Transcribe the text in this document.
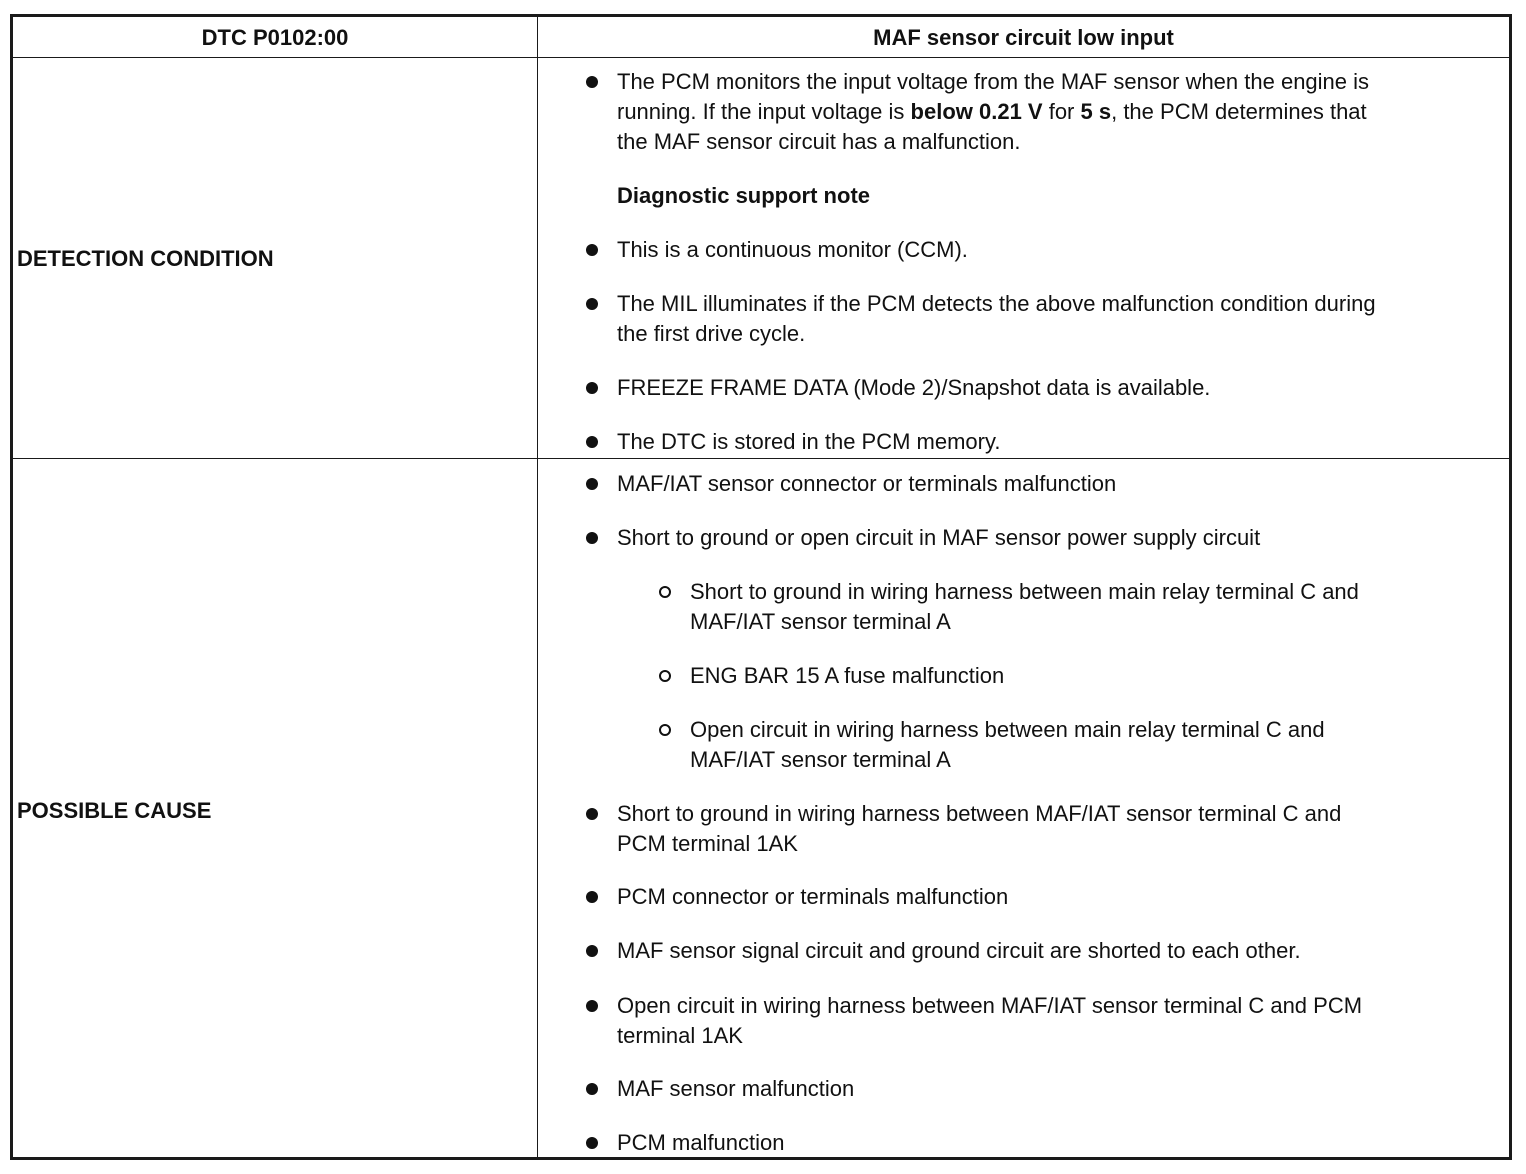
DTC P0102:00	MAF sensor circuit low input
DETECTION CONDITION
The PCM monitors the input voltage from the MAF sensor when the engine is
running. If the input voltage is below 0.21 V for 5 s, the PCM determines that
the MAF sensor circuit has a malfunction.
Diagnostic support note
This is a continuous monitor (CCM).
The MIL illuminates if the PCM detects the above malfunction condition during
the first drive cycle.
FREEZE FRAME DATA (Mode 2)/Snapshot data is available.
The DTC is stored in the PCM memory.
POSSIBLE CAUSE
MAF/IAT sensor connector or terminals malfunction
Short to ground or open circuit in MAF sensor power supply circuit
Short to ground in wiring harness between main relay terminal C and
MAF/IAT sensor terminal A
ENG BAR 15 A fuse malfunction
Open circuit in wiring harness between main relay terminal C and
MAF/IAT sensor terminal A
Short to ground in wiring harness between MAF/IAT sensor terminal C and
PCM terminal 1AK
PCM connector or terminals malfunction
MAF sensor signal circuit and ground circuit are shorted to each other.
Open circuit in wiring harness between MAF/IAT sensor terminal C and PCM
terminal 1AK
MAF sensor malfunction
PCM malfunction
